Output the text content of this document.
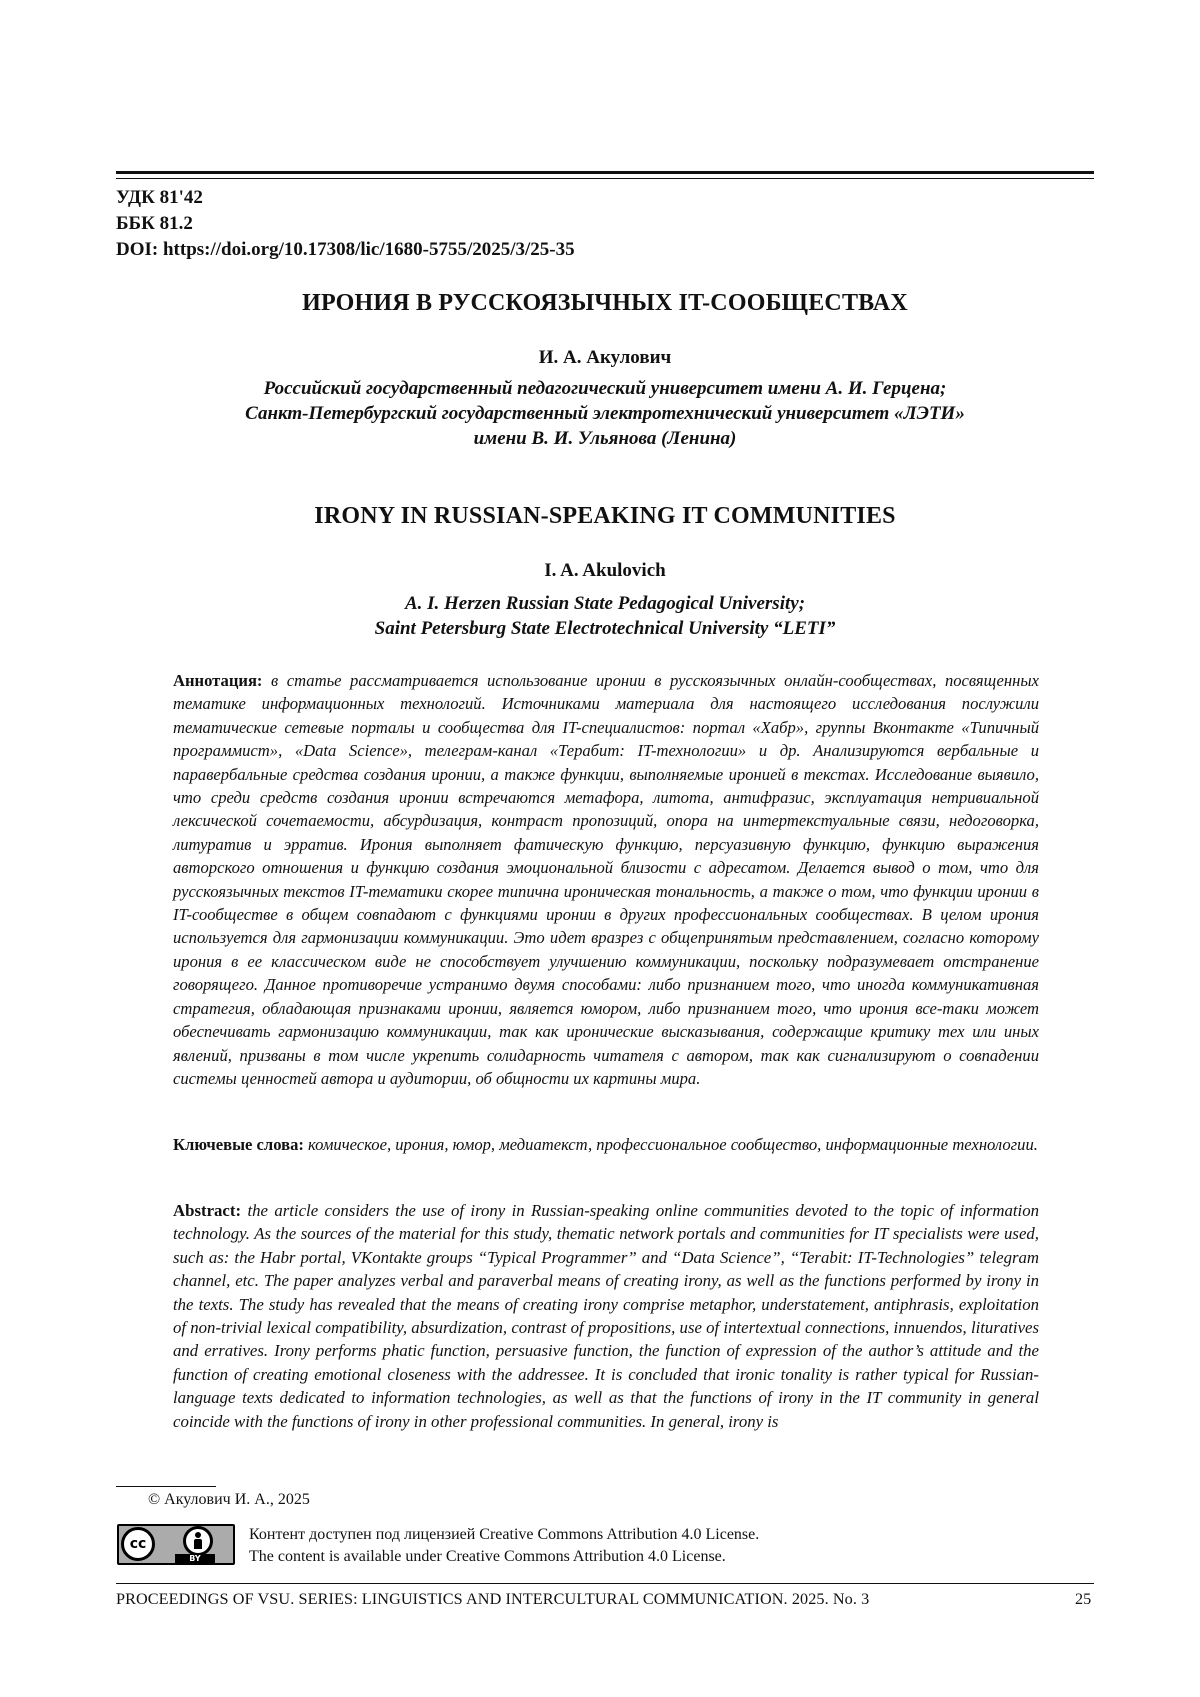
УДК 81'42
ББК 81.2
DOI: https://doi.org/10.17308/lic/1680-5755/2025/3/25-35
ИРОНИЯ В РУССКОЯЗЫЧНЫХ IT-СООБЩЕСТВАХ
И. А. Акулович
Российский государственный педагогический университет имени А. И. Герцена;
Санкт-Петербургский государственный электротехнический университет «ЛЭТИ»
имени В. И. Ульянова (Ленина)
IRONY IN RUSSIAN-SPEAKING IT COMMUNITIES
I. A. Akulovich
A. I. Herzen Russian State Pedagogical University;
Saint Petersburg State Electrotechnical University “LETI”
Аннотация: в статье рассматривается использование иронии в русскоязычных онлайн-сообществах, посвященных тематике информационных технологий. Источниками материала для настоящего исследования послужили тематические сетевые порталы и сообщества для IT-специалистов: портал «Хабр», группы Вконтакте «Типичный программист», «Data Science», телеграм-канал «Терабит: IT-технологии» и др. Анализируются вербальные и паравербальные средства создания иронии, а также функции, выполняемые иронией в текстах. Исследование выявило, что среди средств создания иронии встречаются метафора, литота, антифразис, эксплуатация нетривиальной лексической сочетаемости, абсурдизация, контраст пропозиций, опора на интертекстуальные связи, недоговорка, литуратив и эрратив. Ирония выполняет фатическую функцию, персуазивную функцию, функцию выражения авторского отношения и функцию создания эмоциональной близости с адресатом. Делается вывод о том, что для русскоязычных текстов IT-тематики скорее типична ироническая тональность, а также о том, что функции иронии в IT-сообществе в общем совпадают с функциями иронии в других профессиональных сообществах. В целом ирония используется для гармонизации коммуникации. Это идет вразрез с общепринятым представлением, согласно которому ирония в ее классическом виде не способствует улучшению коммуникации, поскольку подразумевает отстранение говорящего. Данное противоречие устранимо двумя способами: либо признанием того, что иногда коммуникативная стратегия, обладающая признаками иронии, является юмором, либо признанием того, что ирония все-таки может обеспечивать гармонизацию коммуникации, так как иронические высказывания, содержащие критику тех или иных явлений, призваны в том числе укрепить солидарность читателя с автором, так как сигнализируют о совпадении системы ценностей автора и аудитории, об общности их картины мира.
Ключевые слова: комическое, ирония, юмор, медиатекст, профессиональное сообщество, информационные технологии.
Abstract: the article considers the use of irony in Russian-speaking online communities devoted to the topic of information technology. As the sources of the material for this study, thematic network portals and communities for IT specialists were used, such as: the Habr portal, VKontakte groups “Typical Programmer” and “Data Science”, “Terabit: IT-Technologies” telegram channel, etc. The paper analyzes verbal and paraverbal means of creating irony, as well as the functions performed by irony in the texts. The study has revealed that the means of creating irony comprise metaphor, understatement, antiphrasis, exploitation of non-trivial lexical compatibility, absurdization, contrast of propositions, use of intertextual connections, innuendos, lituratives and erratives. Irony performs phatic function, persuasive function, the function of expression of the author’s attitude and the function of creating emotional closeness with the addressee. It is concluded that ironic tonality is rather typical for Russian-language texts dedicated to information technologies, as well as that the functions of irony in the IT community in general coincide with the functions of irony in other professional communities. In general, irony is
© Акулович И. А., 2025
cc
BY
Контент доступен под лицензией Creative Commons Attribution 4.0 License.
The content is available under Creative Commons Attribution 4.0 License.
PROCEEDINGS OF VSU. SERIES: LINGUISTICS AND INTERCULTURAL COMMUNICATION. 2025. No. 3	25
